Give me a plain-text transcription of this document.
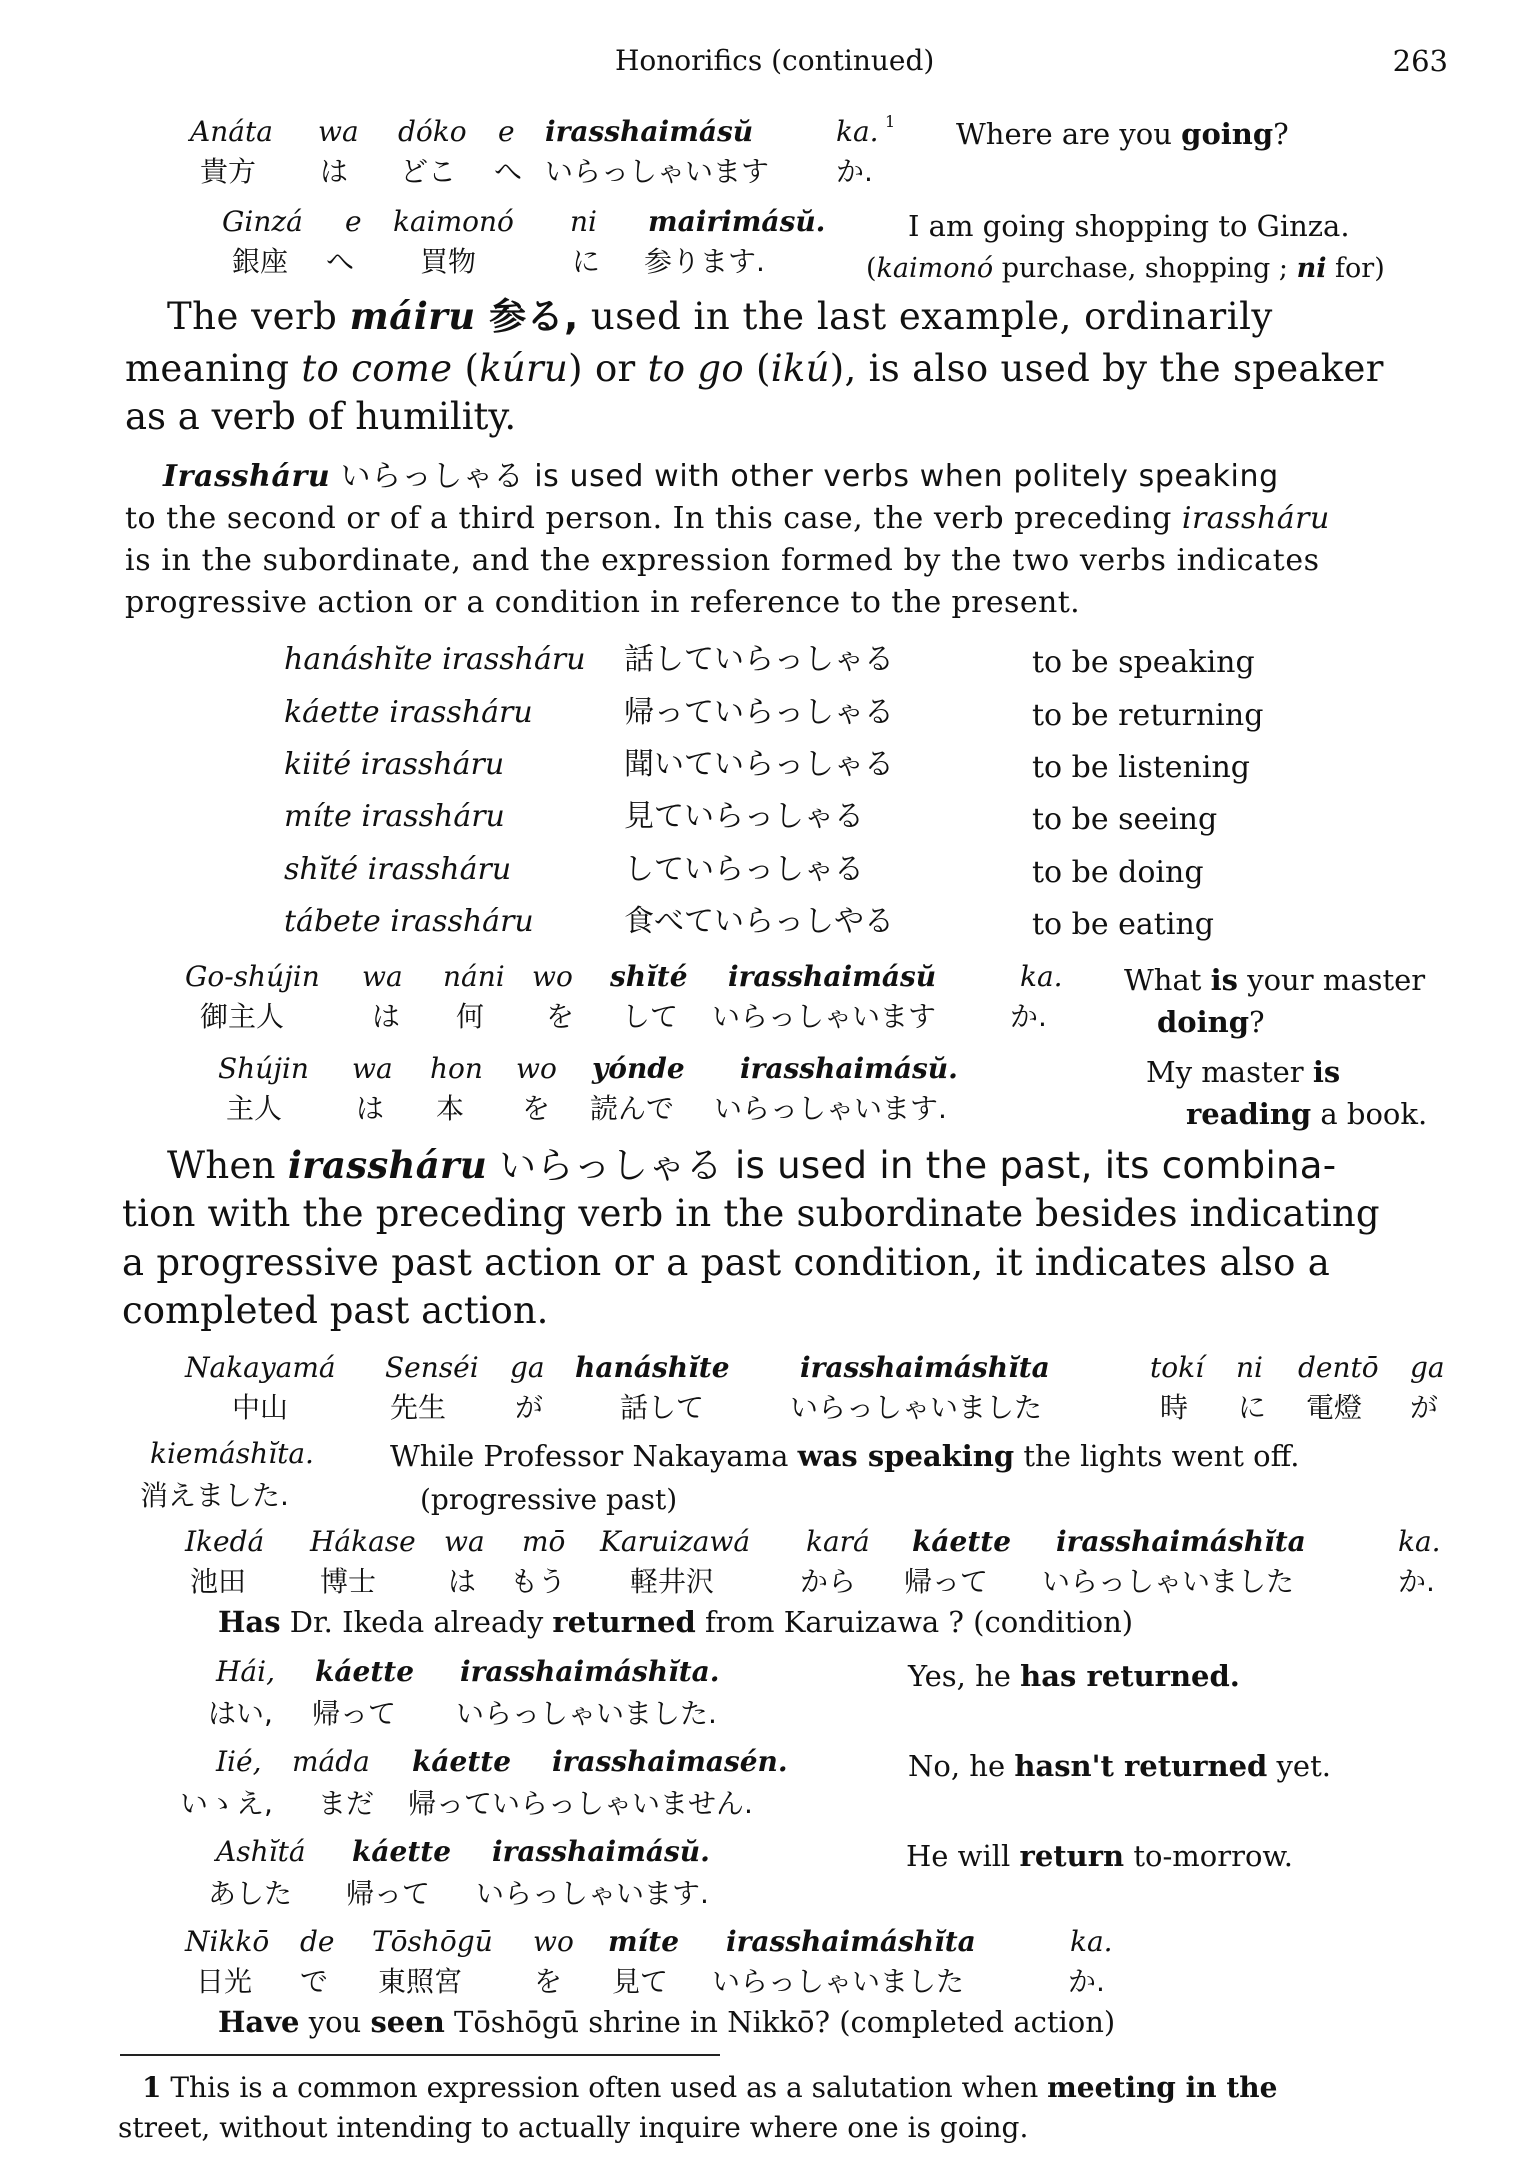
Honorifics (continued)	263
Anáta wa dóko e irasshaimásŭ	ka. 1 Where are you going?
貴方 は どこ へ いらっしゃいます か.
Ginzá e kaimonó ni mairimásŭ.	I am going shopping to Ginza.
銀座 へ 買物	に 参ります.	(kaimonó purchase, shopping ; ni for)
The verb máiru 参る, used in the last example, ordinarily
meaning to come (kúru) or to go (ikú), is also used by the speaker
as a verb of humility.
Irassháru いらっしゃる is used with other verbs when politely speaking
to the second or of a third person. In this case, the verb preceding irassháru
is in the subordinate, and the expression formed by the two verbs indicates
progressive action or a condition in reference to the present.
hanáshĭte irassháru 話していらっしゃる	to be speaking
káette irassháru	帰っていらっしゃる	to be returning
kiité irassháru	聞いていらっしゃる	to be listening
míte irassháru	見ていらっしゃる	to be seeing
shĭté irassháru	していらっしゃる	to be doing
tábete irassháru	食べていらっしやる	to be eating
Go-shújin wa náni wo shĭté irasshaimásŭ	ka. What is your master
御主人	は 何 を して いらっしゃいます	か.	doing?
Shújin wa hon wo yónde irasshaimásŭ.	My master is
主人	は 本 を 読んで いらっしゃいます.	reading a book.
When irassháru いらっしゃる is used in the past, its combina-
tion with the preceding verb in the subordinate besides indicating
a progressive past action or a past condition, it indicates also a
completed past action.
Nakayamá Senséi ga hanáshĭte	irasshaimáshĭta	tokí ni dentō ga
中山	先生 が	話して	いらっしゃいました	時 に 電燈 が
kiemáshĭta.	While Professor Nakayama was speaking the lights went off.
消えました.	(progressive past)
Ikedá Hákase wa mō Karuizawá kará káette irasshaimáshĭta	ka.
池田	博士	は もう 軽井沢	から 帰って いらっしゃいました	か.
Has Dr. Ikeda already returned from Karuizawa ? (condition)
Hái, káette irasshaimáshĭta.	Yes, he has returned.
はい, 帰って いらっしゃいました.
Iié, máda káette irasshaimasén.	No, he hasn't returned yet.
いゝえ, まだ 帰っていらっしゃいません.
Ashĭtá káette irasshaimásŭ.	He will return to-morrow.
あした 帰って いらっしゃいます.
Nikkō de Tōshōgū wo míte irasshaimáshĭta	ka.
日光 で 東照宮	を 見て いらっしゃいました	か.
Have you seen Tōshōgū shrine in Nikkō? (completed action)
1 This is a common expression often used as a salutation when meeting in the
street, without intending to actually inquire where one is going.
